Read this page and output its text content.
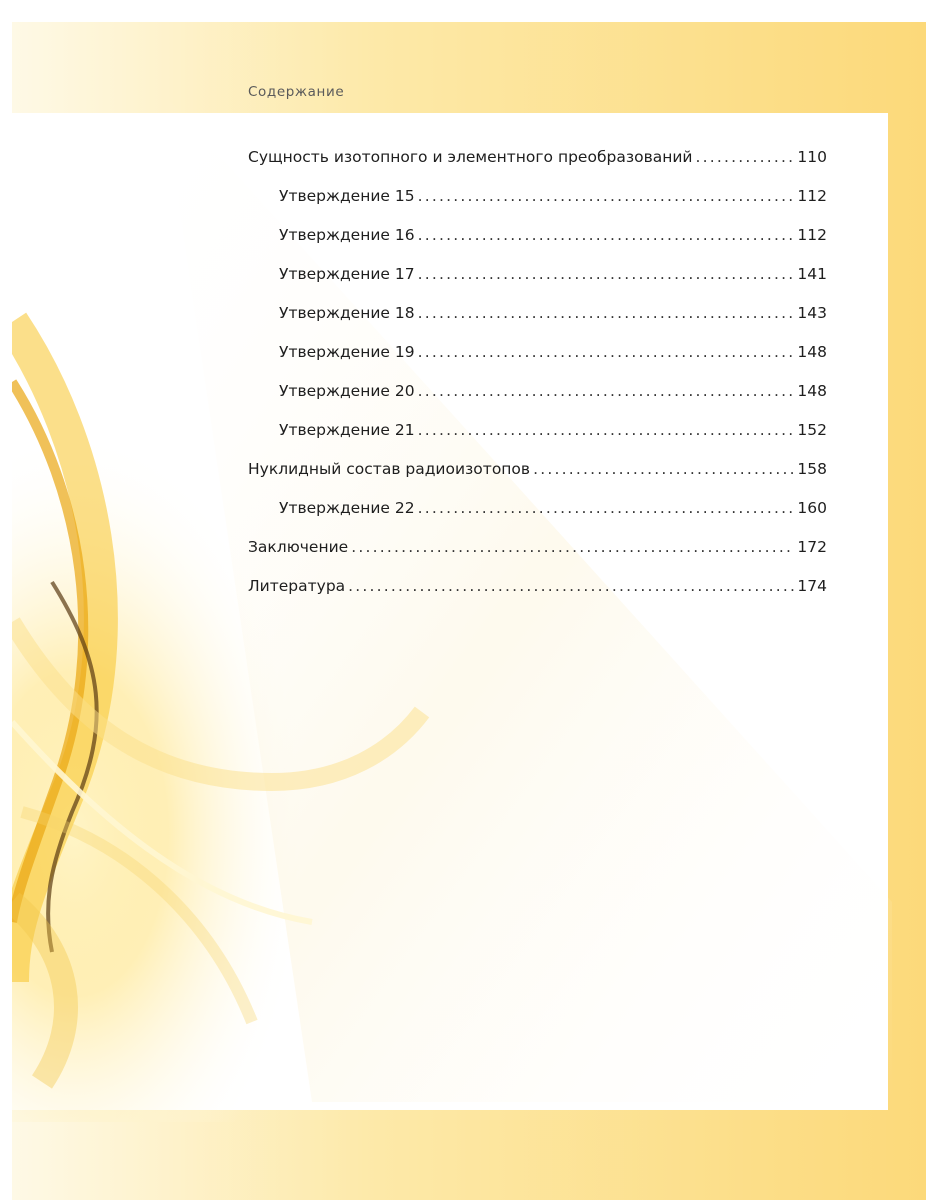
Содержание
Сущность изотопного и элементного преобразований .....	110
Утверждение 15 .....	112
Утверждение 16 .....	112
Утверждение 17 .....	141
Утверждение 18 .....	143
Утверждение 19 .....	148
Утверждение 20 .....	148
Утверждение 21 .....	152
Нуклидный состав радиоизотопов .....	158
Утверждение 22 .....	160
Заключение .....	172
Литература .....	174
